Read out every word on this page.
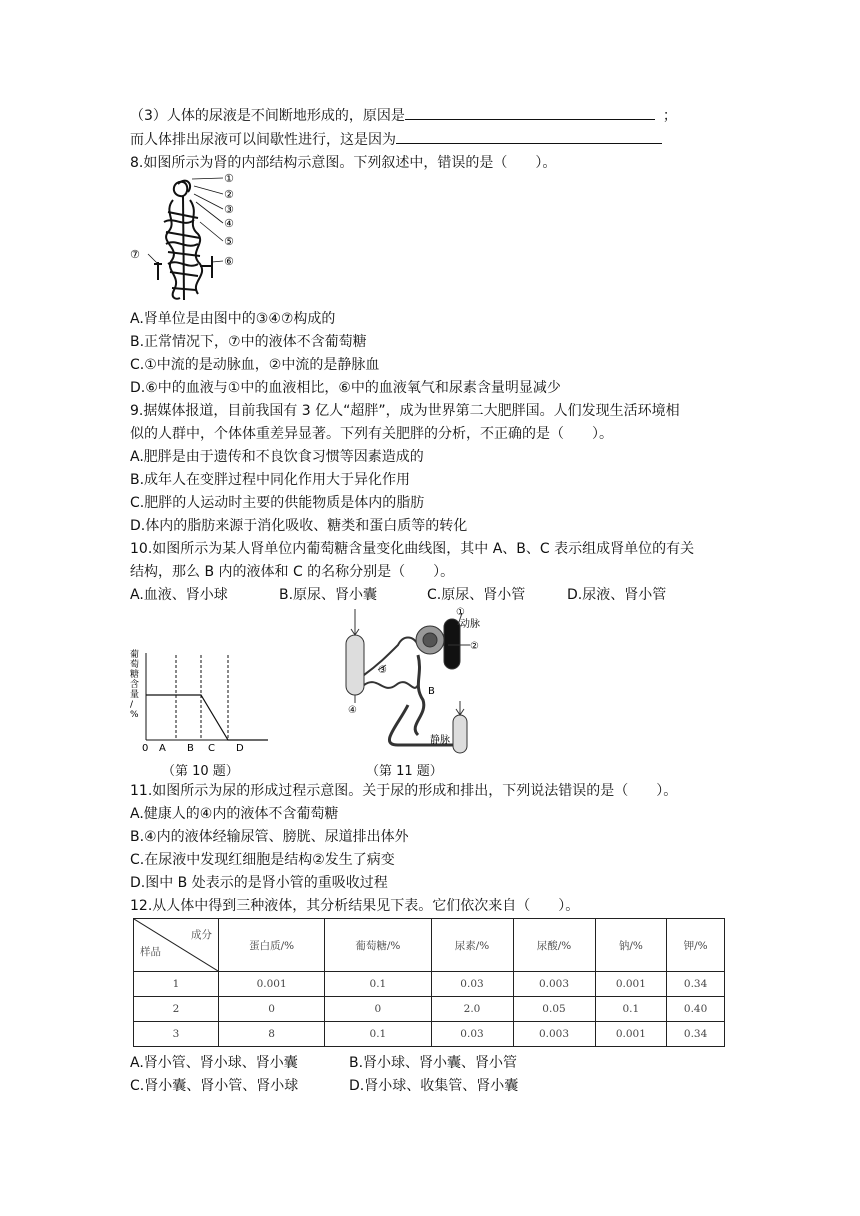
（3）人体的尿液是不间断地形成的，原因是	；
而人体排出尿液可以间歇性进行，这是因为
8.如图所示为肾的内部结构示意图。下列叙述中，错误的是（　　）。
①
②
③
④
⑤
⑥
⑦
A.肾单位是由图中的③④⑦构成的
B.正常情况下，⑦中的液体不含葡萄糖
C.①中流的是动脉血，②中流的是静脉血
D.⑥中的血液与①中的血液相比，⑥中的血液氧气和尿素含量明显减少
9.据媒体报道，目前我国有 3 亿人“超胖”，成为世界第二大肥胖国。人们发现生活环境相
似的人群中，个体体重差异显著。下列有关肥胖的分析，不正确的是（　　）。
A.肥胖是由于遗传和不良饮食习惯等因素造成的
B.成年人在变胖过程中同化作用大于异化作用
C.肥胖的人运动时主要的供能物质是体内的脂肪
D.体内的脂肪来源于消化吸收、糖类和蛋白质等的转化
10.如图所示为某人肾单位内葡萄糖含量变化曲线图，其中 A、B、C 表示组成肾单位的有关
结构，那么 B 内的液体和 C 的名称分别是（　　）。
A.血液、肾小球	B.原尿、肾小囊	C.原尿、肾小管	D.尿液、肾小管
葡
萄
糖
含
量
/
%
0 A B C D
（第 10 题）
①
②
③
④
动脉
静脉
B
（第 11 题）
11.如图所示为尿的形成过程示意图。关于尿的形成和排出，下列说法错误的是（　　）。
A.健康人的④内的液体不含葡萄糖
B.④内的液体经输尿管、膀胱、尿道排出体外
C.在尿液中发现红细胞是结构②发生了病变
D.图中 B 处表示的是肾小管的重吸收过程
12.从人体中得到三种液体，其分析结果见下表。它们依次来自（　　）。
成分
样品	蛋白质/%	葡萄糖/%	尿素/%	尿酸/%	钠/%	钾/%
1	0.001	0.1	0.03	0.003	0.001	0.34
2	0	0	2.0	0.05	0.1	0.40
3	8	0.1	0.03	0.003	0.001	0.34
A.肾小管、肾小球、肾小囊	B.肾小球、肾小囊、肾小管
C.肾小囊、肾小管、肾小球	D.肾小球、收集管、肾小囊
